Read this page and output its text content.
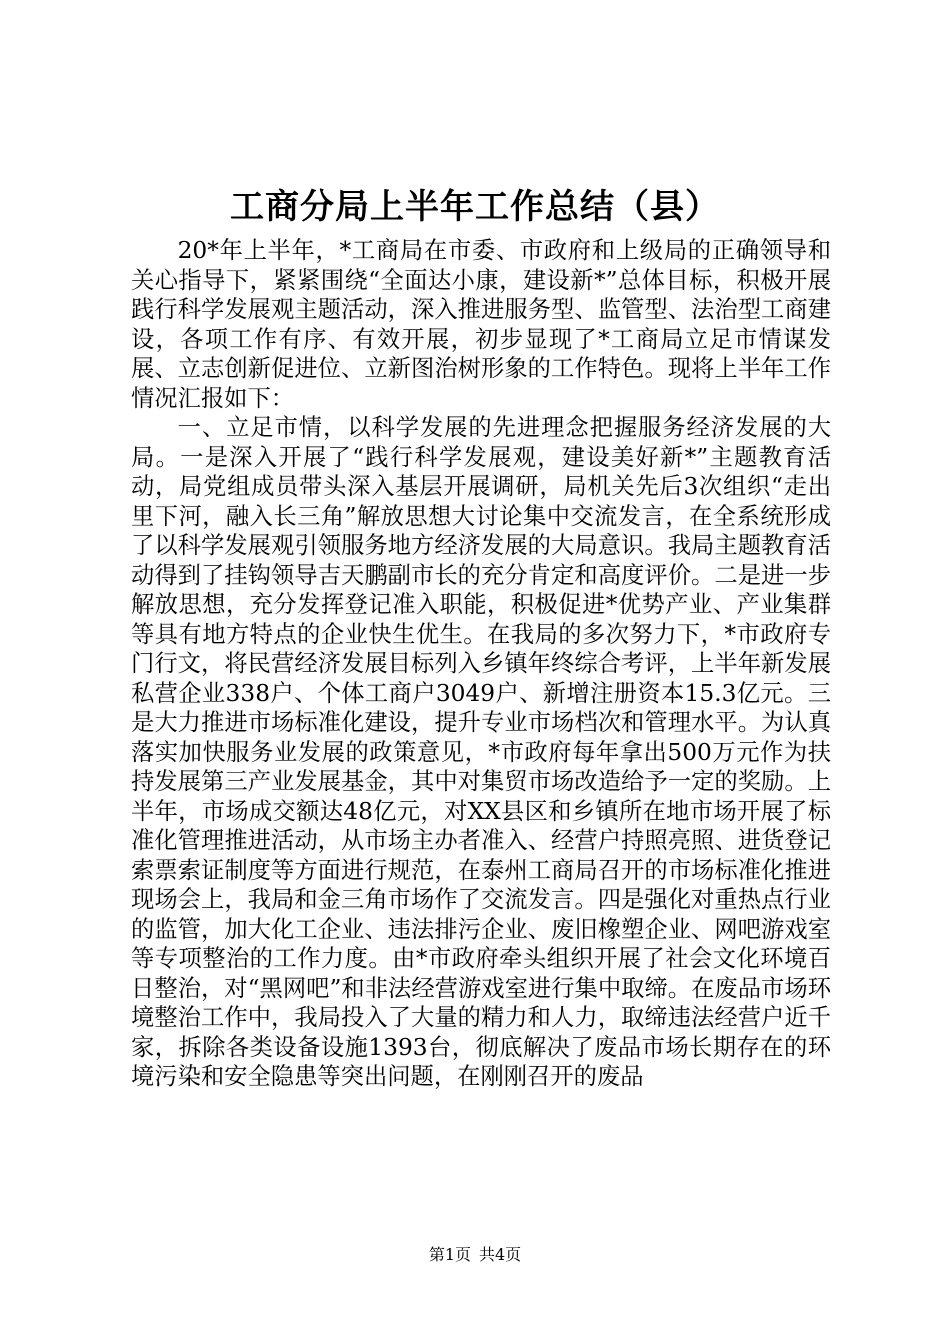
工商分局上半年工作总结（县）

20*年上半年，*工商局在市委、市政府和上级局的正确领导和关心指导下，紧紧围绕“全面达小康，建设新*”总体目标，积极开展践行科学发展观主题活动，深入推进服务型、监管型、法治型工商建设，各项工作有序、有效开展，初步显现了*工商局立足市情谋发展、立志创新促进位、立新图治树形象的工作特色。现将上半年工作情况汇报如下：

一、立足市情，以科学发展的先进理念把握服务经济发展的大局。一是深入开展了“践行科学发展观，建设美好新*”主题教育活动，局党组成员带头深入基层开展调研，局机关先后3次组织“走出里下河，融入长三角”解放思想大讨论集中交流发言，在全系统形成了以科学发展观引领服务地方经济发展的大局意识。我局主题教育活动得到了挂钩领导吉天鹏副市长的充分肯定和高度评价。二是进一步解放思想，充分发挥登记准入职能，积极促进*优势产业、产业集群等具有地方特点的企业快生优生。在我局的多次努力下，*市政府专门行文，将民营经济发展目标列入乡镇年终综合考评，上半年新发展私营企业338户、个体工商户3049户、新增注册资本15.3亿元。三是大力推进市场标准化建设，提升专业市场档次和管理水平。为认真落实加快服务业发展的政策意见，*市政府每年拿出500万元作为扶持发展第三产业发展基金，其中对集贸市场改造给予一定的奖励。上半年，市场成交额达48亿元，对XX县区和乡镇所在地市场开展了标准化管理推进活动，从市场主办者准入、经营户持照亮照、进货登记索票索证制度等方面进行规范，在泰州工商局召开的市场标准化推进现场会上，我局和金三角市场作了交流发言。四是强化对重热点行业的监管，加大化工企业、违法排污企业、废旧橡塑企业、网吧游戏室等专项整治的工作力度。由*市政府牵头组织开展了社会文化环境百日整治，对“黑网吧”和非法经营游戏室进行集中取缔。在废品市场环境整治工作中，我局投入了大量的精力和人力，取缔违法经营户近千家，拆除各类设备设施1393台，彻底解决了废品市场长期存在的环境污染和安全隐患等突出问题，在刚刚召开的废品

第1页 共4页
